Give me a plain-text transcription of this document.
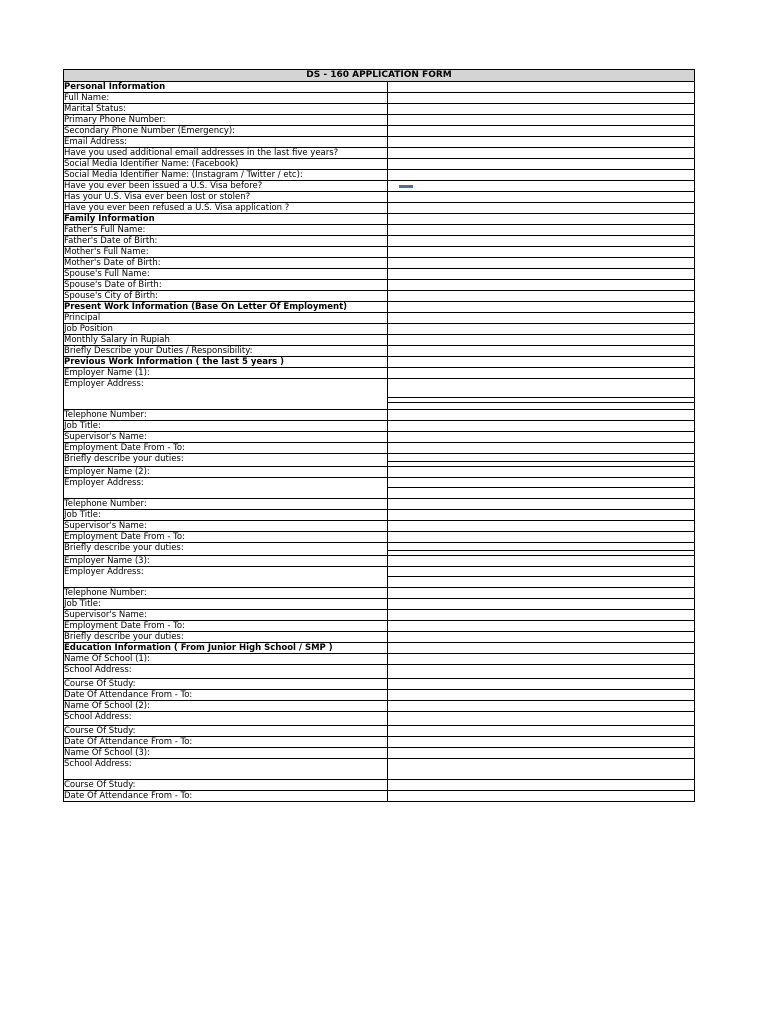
DS - 160 APPLICATION FORM
Personal Information
Full Name:
Marital Status:
Primary Phone Number:
Secondary Phone Number (Emergency):
Email Address:
Have you used additional email addresses in the last five years?
Social Media Identifier Name: (Facebook)
Social Media Identifier Name: (Instagram / Twitter / etc):
Have you ever been issued a U.S. Visa before?
Has your U.S. Visa ever been lost or stolen?
Have you ever been refused a U.S. Visa application ?
Family Information
Father's Full Name:
Father's Date of Birth:
Mother's Full Name:
Mother's Date of Birth:
Spouse's Full Name:
Spouse's Date of Birth:
Spouse's City of Birth:
Present Work Information (Base On Letter Of Employment)
Principal
Job Position
Monthly Salary in Rupiah
Briefly Describe your Duties / Responsibility:
Previous Work Information ( the last 5 years )
Employer Name (1):
Employer Address:
Telephone Number:
Job Title:
Supervisor's Name:
Employment Date From - To:
Briefly describe your duties:
Employer Name (2):
Employer Address:
Telephone Number:
Job Title:
Supervisor's Name:
Employment Date From - To:
Briefly describe your duties:
Employer Name (3):
Employer Address:
Telephone Number:
Job Title:
Supervisor's Name:
Employment Date From - To:
Briefly describe your duties:
Education Information ( From Junior High School / SMP )
Name Of School (1):
School Address:
Course Of Study:
Date Of Attendance From - To:
Name Of School (2):
School Address:
Course Of Study:
Date Of Attendance From - To:
Name Of School (3):
School Address:
Course Of Study:
Date Of Attendance From - To:
